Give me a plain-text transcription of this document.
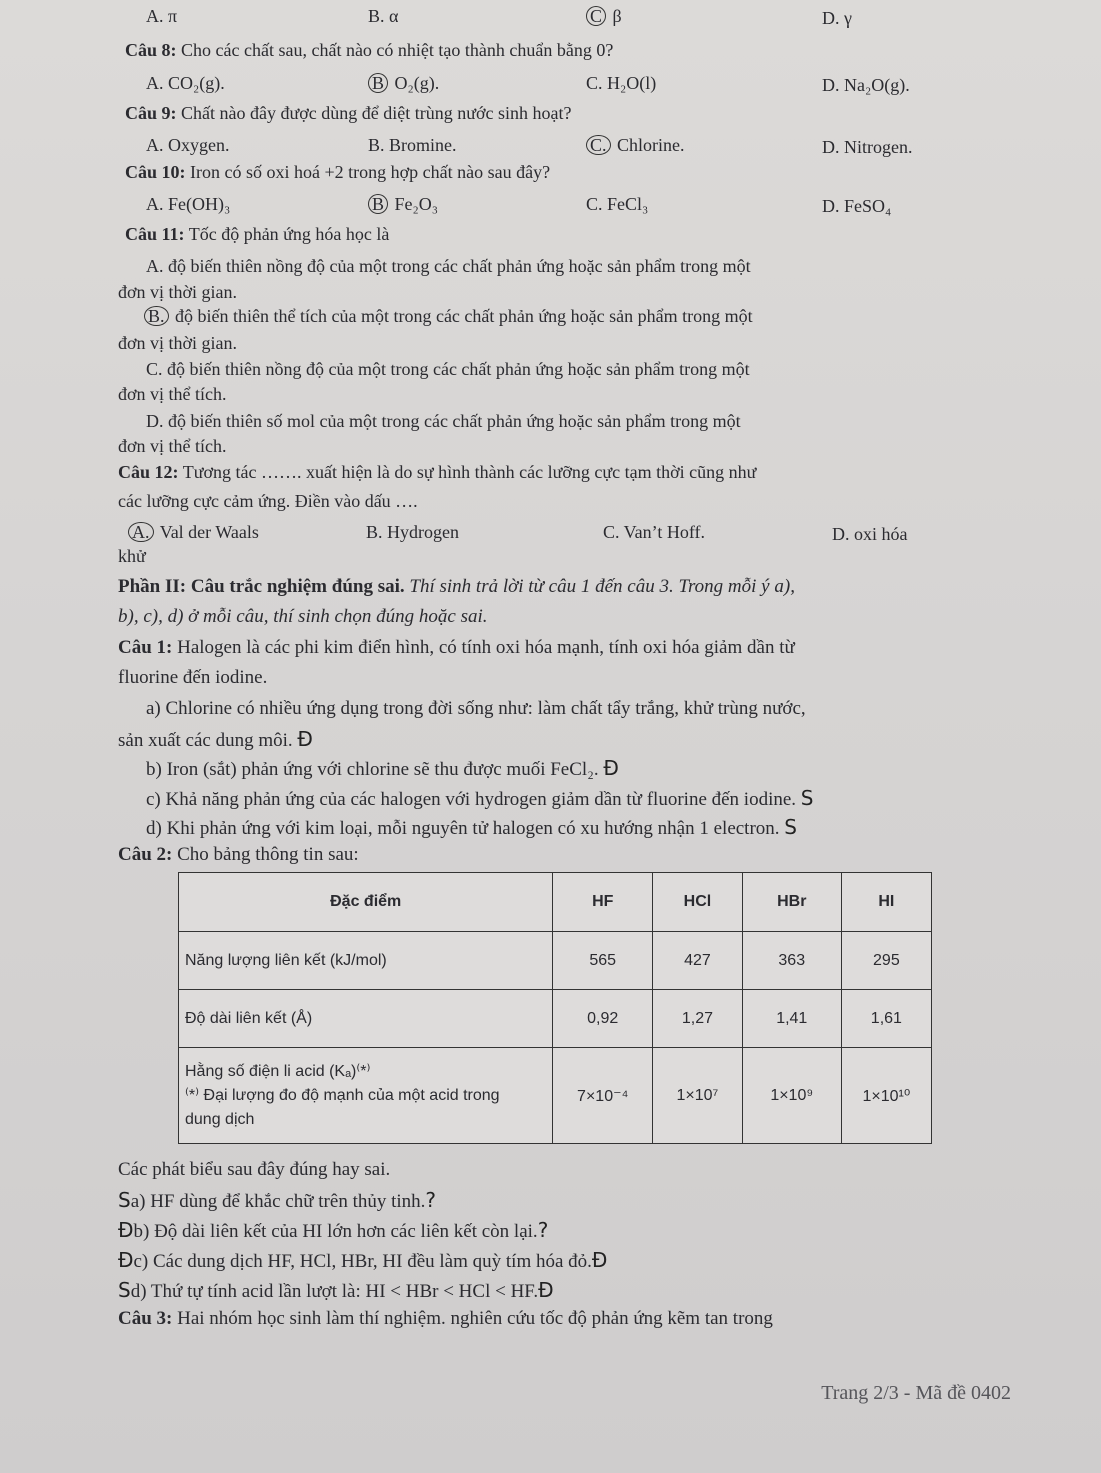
A. π	B. α	C β	D. γ
Câu 8: Cho các chất sau, chất nào có nhiệt tạo thành chuẩn bằng 0?
A. CO₂(g).	B O₂(g).	C. H₂O(l)	D. Na₂O(g).
Câu 9: Chất nào đây được dùng để diệt trùng nước sinh hoạt?
A. Oxygen.	B. Bromine.	C. Chlorine.	D. Nitrogen.
Câu 10: Iron có số oxi hoá +2 trong hợp chất nào sau đây?
A. Fe(OH)₃	B Fe₂O₃	C. FeCl₃	D. FeSO₄
Câu 11: Tốc độ phản ứng hóa học là
A. độ biến thiên nồng độ của một trong các chất phản ứng hoặc sản phẩm trong một
đơn vị thời gian.
B. độ biến thiên thể tích của một trong các chất phản ứng hoặc sản phẩm trong một
đơn vị thời gian.
C. độ biến thiên nồng độ của một trong các chất phản ứng hoặc sản phẩm trong một
đơn vị thể tích.
D. độ biến thiên số mol của một trong các chất phản ứng hoặc sản phẩm trong một
đơn vị thể tích.
Câu 12: Tương tác ……. xuất hiện là do sự hình thành các lưỡng cực tạm thời cũng như
các lưỡng cực cảm ứng. Điền vào dấu ….
A. Val der Waals	B. Hydrogen	C. Van’t Hoff.	D. oxi hóa
khử
Phần II: Câu trắc nghiệm đúng sai. Thí sinh trả lời từ câu 1 đến câu 3. Trong mỗi ý a),
b), c), d) ở mỗi câu, thí sinh chọn đúng hoặc sai.
Câu 1: Halogen là các phi kim điển hình, có tính oxi hóa mạnh, tính oxi hóa giảm dần từ
fluorine đến iodine.
a) Chlorine có nhiều ứng dụng trong đời sống như: làm chất tẩy trắng, khử trùng nước,
sản xuất các dung môi. Đ
b) Iron (sắt) phản ứng với chlorine sẽ thu được muối FeCl₂. Đ
c) Khả năng phản ứng của các halogen với hydrogen giảm dần từ fluorine đến iodine. S
d) Khi phản ứng với kim loại, mỗi nguyên tử halogen có xu hướng nhận 1 electron. S
Câu 2: Cho bảng thông tin sau:
Đặc điểm	HF	HCl	HBr	HI
Năng lượng liên kết (kJ/mol)	565	427	363	295
Độ dài liên kết (Å)	0,92	1,27	1,41	1,61

Hằng số điện li acid (Kₐ)⁽*⁾
⁽*⁾ Đại lượng đo độ mạnh của một acid trong
dung dịch	7×10⁻⁴	1×10⁷	1×10⁹	1×10¹⁰
Các phát biểu sau đây đúng hay sai.
Sa) HF dùng để khắc chữ trên thủy tinh.?
Đb) Độ dài liên kết của HI lớn hơn các liên kết còn lại.?
Đc) Các dung dịch HF, HCl, HBr, HI đều làm quỳ tím hóa đỏ.Đ
Sd) Thứ tự tính acid lần lượt là: HI < HBr < HCl < HF.Đ
Câu 3: Hai nhóm học sinh làm thí nghiệm. nghiên cứu tốc độ phản ứng kẽm tan trong
Trang 2/3 - Mã đề 0402
